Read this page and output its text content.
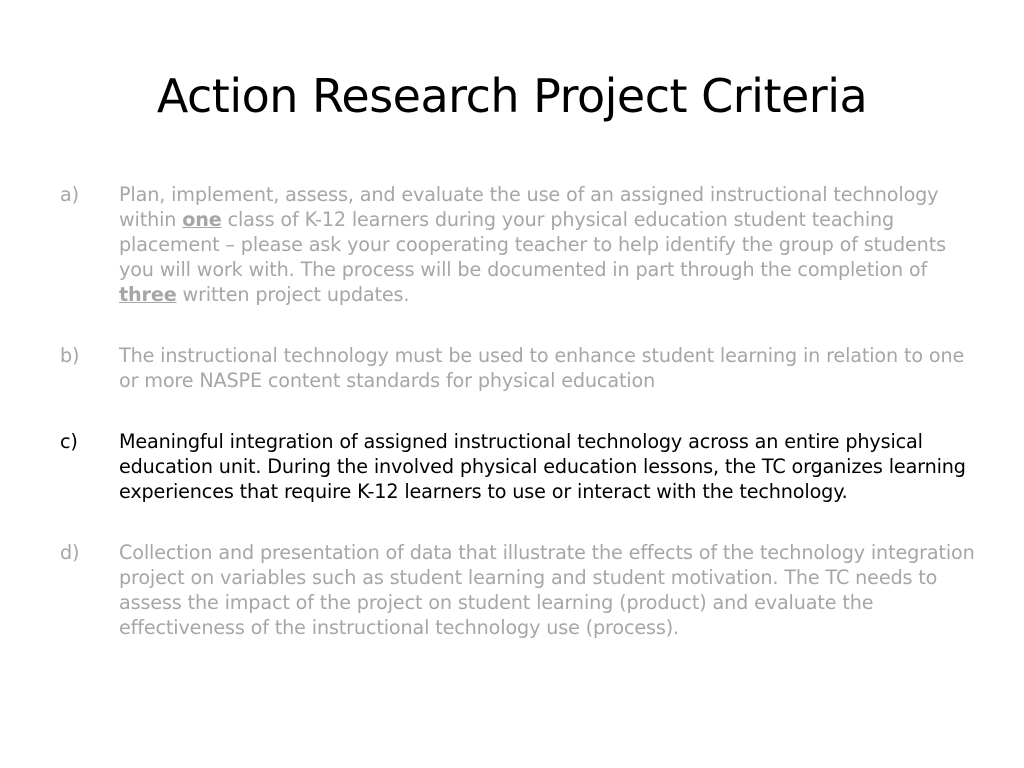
Action Research Project Criteria
a) Plan, implement, assess, and evaluate the use of an assigned instructional technology within one class of K-12 learners during your physical education student teaching placement – please ask your cooperating teacher to help identify the group of students you will work with. The process will be documented in part through the completion of three written project updates.
b) The instructional technology must be used to enhance student learning in relation to one or more NASPE content standards for physical education
c) Meaningful integration of assigned instructional technology across an entire physical education unit. During the involved physical education lessons, the TC organizes learning experiences that require K-12 learners to use or interact with the technology.
d) Collection and presentation of data that illustrate the effects of the technology integration project on variables such as student learning and student motivation. The TC needs to assess the impact of the project on student learning (product) and evaluate the effectiveness of the instructional technology use (process).
